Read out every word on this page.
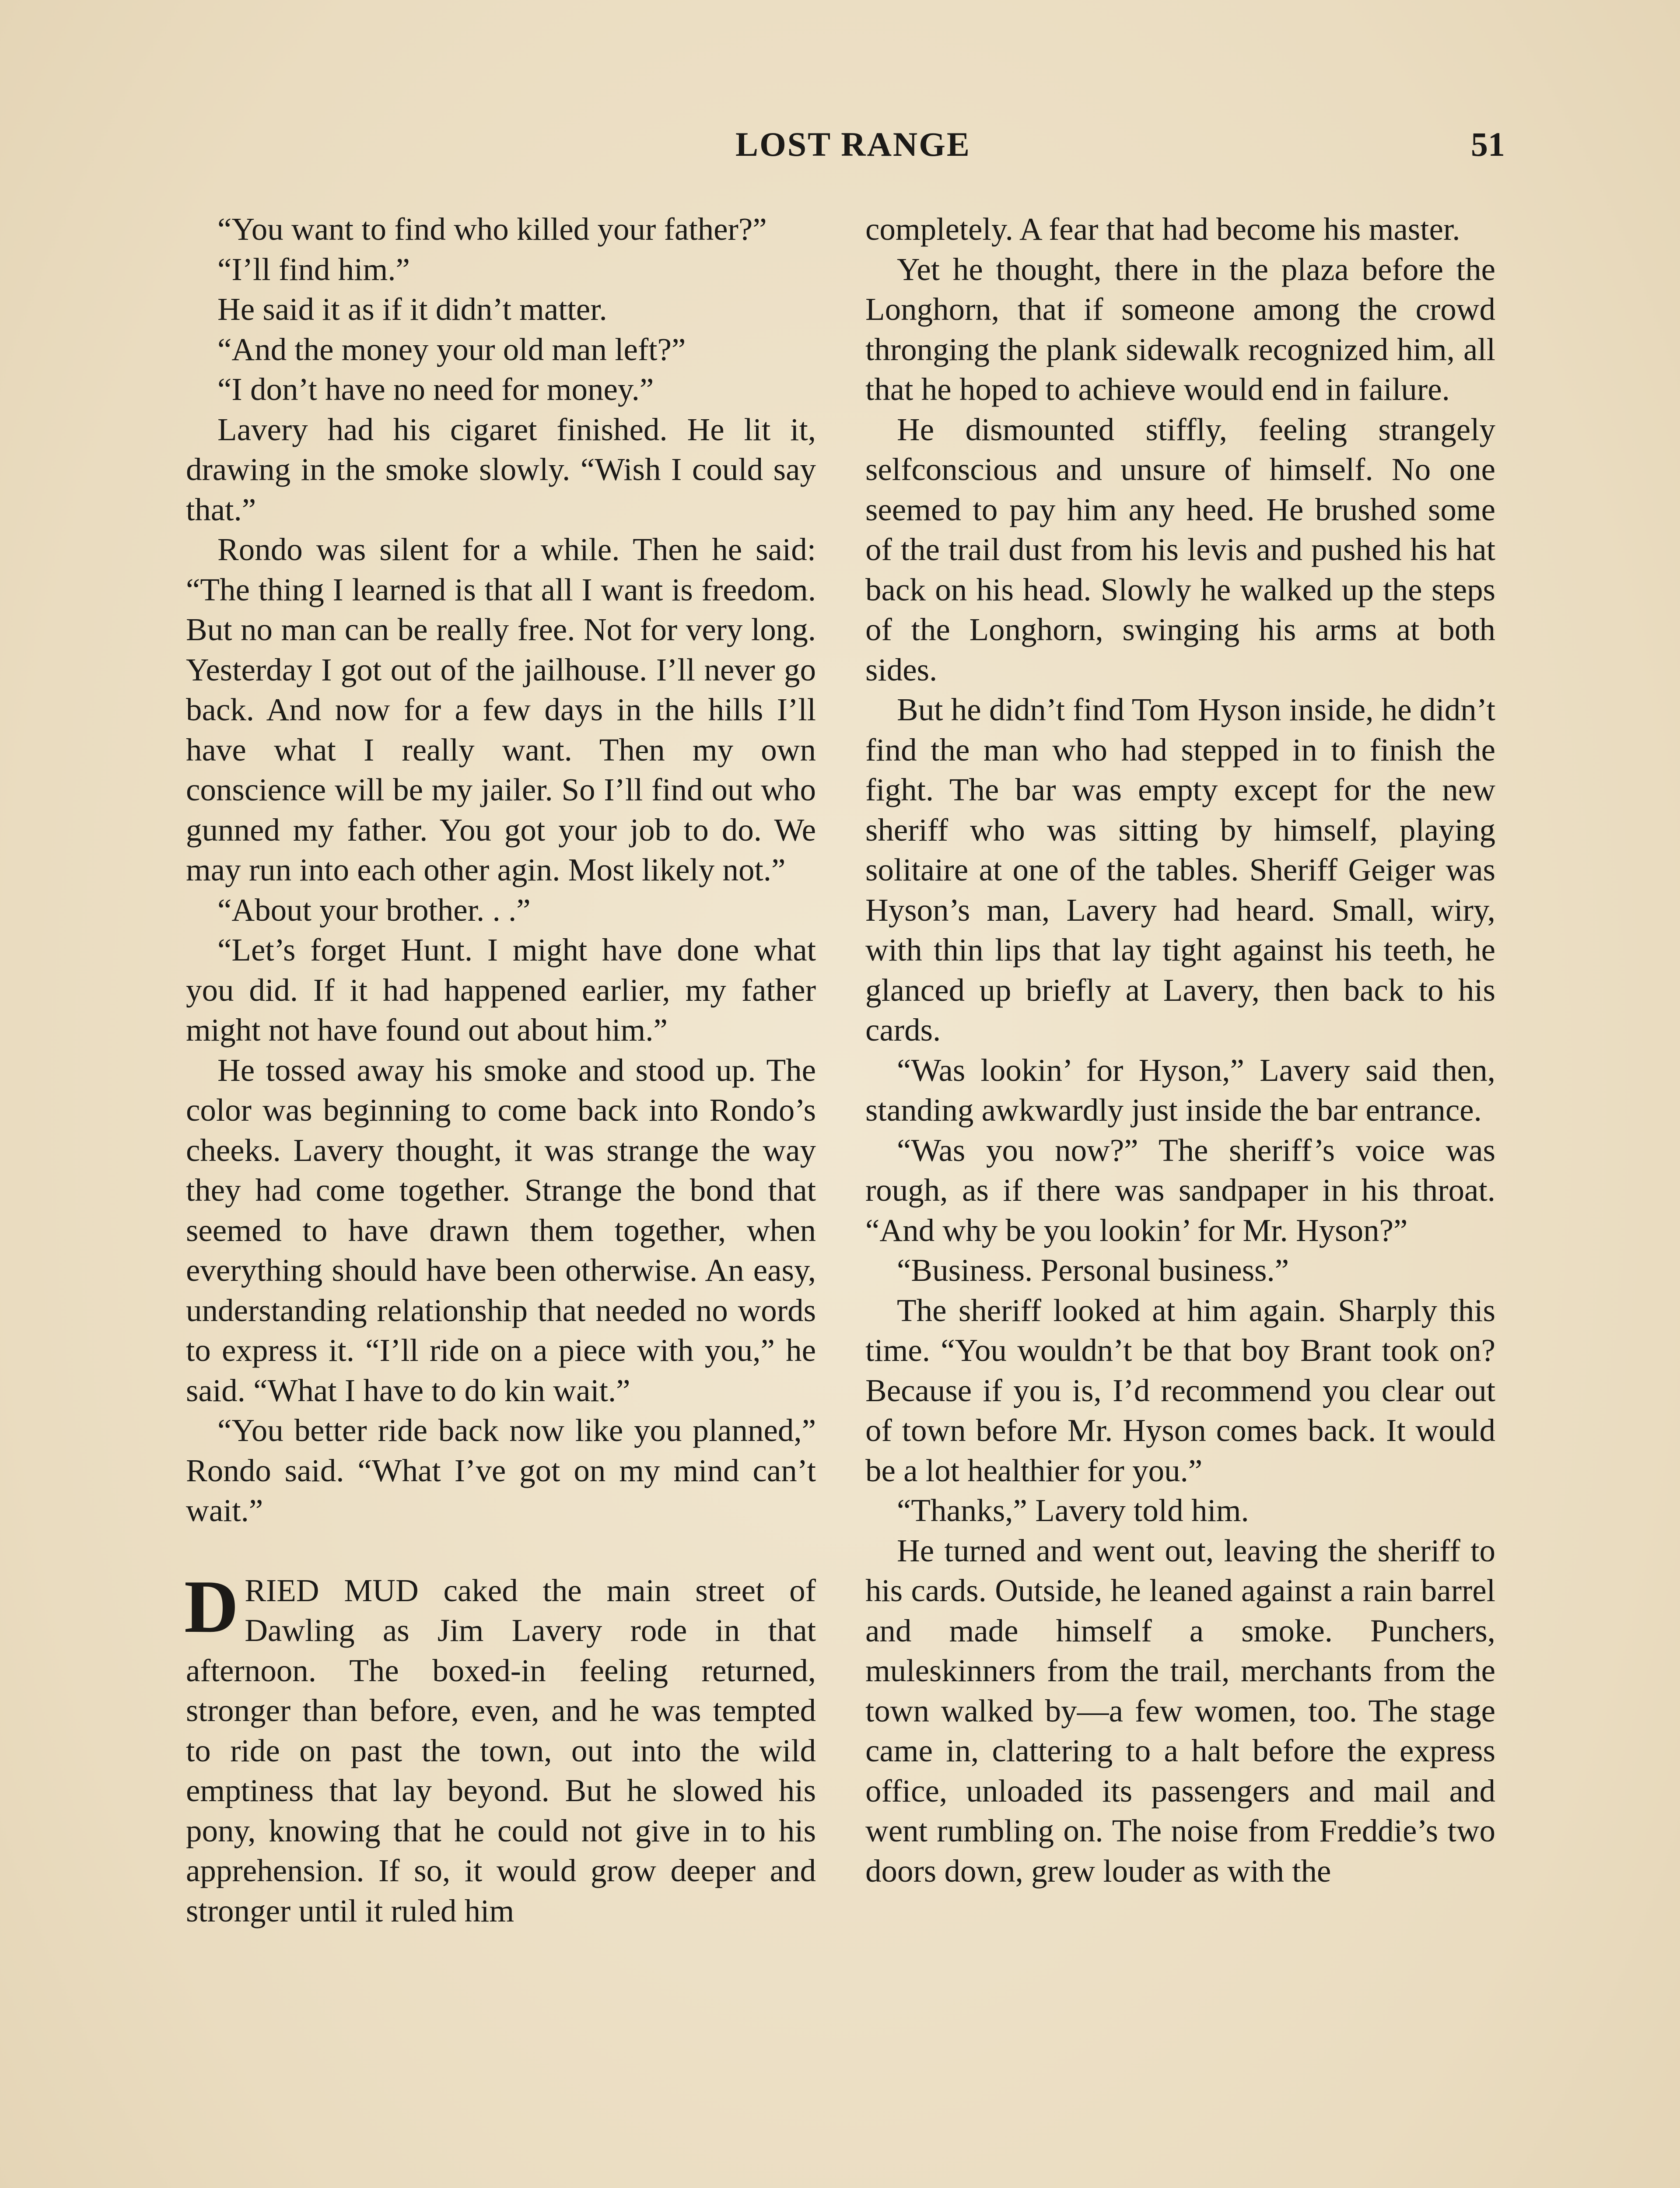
LOST RANGE	51

“You want to find who killed your father?”

“I’ll find him.”

He said it as if it didn’t matter.

“And the money your old man left?”

“I don’t have no need for money.”

Lavery had his cigaret finished. He lit it, drawing in the smoke slowly. “Wish I could say that.”

Rondo was silent for a while. Then he said: “The thing I learned is that all I want is freedom. But no man can be really free. Not for very long. Yesterday I got out of the jailhouse. I’ll never go back. And now for a few days in the hills I’ll have what I really want. Then my own conscience will be my jailer. So I’ll find out who gunned my father. You got your job to do. We may run into each other agin. Most likely not.”

“About your brother. . .”

“Let’s forget Hunt. I might have done what you did. If it had happened earlier, my father might not have found out about him.”

He tossed away his smoke and stood up. The color was beginning to come back into Rondo’s cheeks. Lavery thought, it was strange the way they had come together. Strange the bond that seemed to have drawn them together, when everything should have been otherwise. An easy, understanding relationship that needed no words to express it. “I’ll ride on a piece with you,” he said. “What I have to do kin wait.”

“You better ride back now like you planned,” Rondo said. “What I’ve got on my mind can’t wait.”

DRIED MUD caked the main street of Dawling as Jim Lavery rode in that afternoon. The boxed-in feeling returned, stronger than before, even, and he was tempted to ride on past the town, out into the wild emptiness that lay beyond. But he slowed his pony, knowing that he could not give in to his apprehension. If so, it would grow deeper and stronger until it ruled him

completely. A fear that had become his master.

Yet he thought, there in the plaza before the Longhorn, that if someone among the crowd thronging the plank sidewalk recognized him, all that he hoped to achieve would end in failure.

He dismounted stiffly, feeling strangely selfconscious and unsure of himself. No one seemed to pay him any heed. He brushed some of the trail dust from his levis and pushed his hat back on his head. Slowly he walked up the steps of the Longhorn, swinging his arms at both sides.

But he didn’t find Tom Hyson inside, he didn’t find the man who had stepped in to finish the fight. The bar was empty except for the new sheriff who was sitting by himself, playing solitaire at one of the tables. Sheriff Geiger was Hyson’s man, Lavery had heard. Small, wiry, with thin lips that lay tight against his teeth, he glanced up briefly at Lavery, then back to his cards.

“Was lookin’ for Hyson,” Lavery said then, standing awkwardly just inside the bar entrance.

“Was you now?” The sheriff’s voice was rough, as if there was sandpaper in his throat. “And why be you lookin’ for Mr. Hyson?”

“Business. Personal business.”

The sheriff looked at him again. Sharply this time. “You wouldn’t be that boy Brant took on? Because if you is, I’d recommend you clear out of town before Mr. Hyson comes back. It would be a lot healthier for you.”

“Thanks,” Lavery told him.

He turned and went out, leaving the sheriff to his cards. Outside, he leaned against a rain barrel and made himself a smoke. Punchers, muleskinners from the trail, merchants from the town walked by—a few women, too. The stage came in, clattering to a halt before the express office, unloaded its passengers and mail and went rumbling on. The noise from Freddie’s two doors down, grew louder as with the
